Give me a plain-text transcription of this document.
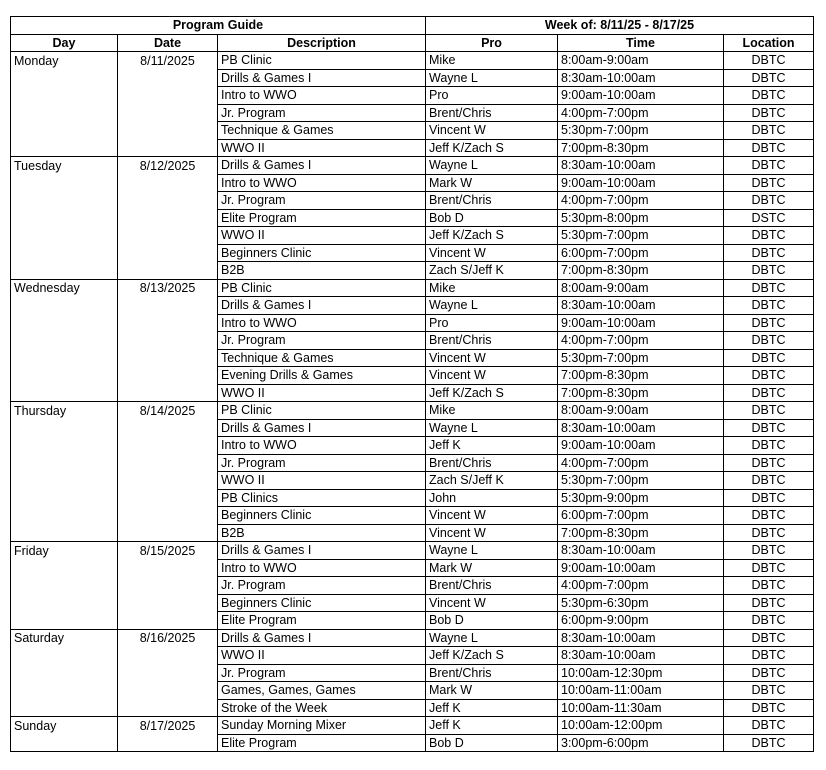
Program Guide			Week of: 8/11/25 - 8/17/25		
Day	Date	Description	Pro	Time	Location
Monday	8/11/2025	PB Clinic	Mike	8:00am-9:00am	DBTC
		Drills & Games I	Wayne L	8:30am-10:00am	DBTC
		Intro to WWO	Pro	9:00am-10:00am	DBTC
		Jr. Program	Brent/Chris	4:00pm-7:00pm	DBTC
		Technique & Games	Vincent W	5:30pm-7:00pm	DBTC
		WWO II	Jeff K/Zach S	7:00pm-8:30pm	DBTC
Tuesday	8/12/2025	Drills & Games I	Wayne L	8:30am-10:00am	DBTC
		Intro to WWO	Mark W	9:00am-10:00am	DBTC
		Jr. Program	Brent/Chris	4:00pm-7:00pm	DBTC
		Elite Program	Bob D	5:30pm-8:00pm	DSTC
		WWO II	Jeff K/Zach S	5:30pm-7:00pm	DBTC
		Beginners Clinic	Vincent W	6:00pm-7:00pm	DBTC
		B2B	Zach S/Jeff K	7:00pm-8:30pm	DBTC
Wednesday	8/13/2025	PB Clinic	Mike	8:00am-9:00am	DBTC
		Drills & Games I	Wayne L	8:30am-10:00am	DBTC
		Intro to WWO	Pro	9:00am-10:00am	DBTC
		Jr. Program	Brent/Chris	4:00pm-7:00pm	DBTC
		Technique & Games	Vincent W	5:30pm-7:00pm	DBTC
		Evening Drills & Games	Vincent W	7:00pm-8:30pm	DBTC
		WWO II	Jeff K/Zach S	7:00pm-8:30pm	DBTC
Thursday	8/14/2025	PB Clinic	Mike	8:00am-9:00am	DBTC
		Drills & Games I	Wayne L	8:30am-10:00am	DBTC
		Intro to WWO	Jeff K	9:00am-10:00am	DBTC
		Jr. Program	Brent/Chris	4:00pm-7:00pm	DBTC
		WWO II	Zach S/Jeff K	5:30pm-7:00pm	DBTC
		PB Clinics	John	5:30pm-9:00pm	DBTC
		Beginners Clinic	Vincent W	6:00pm-7:00pm	DBTC
		B2B	Vincent W	7:00pm-8:30pm	DBTC
Friday	8/15/2025	Drills & Games I	Wayne L	8:30am-10:00am	DBTC
		Intro to WWO	Mark W	9:00am-10:00am	DBTC
		Jr. Program	Brent/Chris	4:00pm-7:00pm	DBTC
		Beginners Clinic	Vincent W	5:30pm-6:30pm	DBTC
		Elite Program	Bob D	6:00pm-9:00pm	DBTC
Saturday	8/16/2025	Drills & Games I	Wayne L	8:30am-10:00am	DBTC
		WWO II	Jeff K/Zach S	8:30am-10:00am	DBTC
		Jr. Program	Brent/Chris	10:00am-12:30pm	DBTC
		Games, Games, Games	Mark W	10:00am-11:00am	DBTC
		Stroke of the Week	Jeff K	10:00am-11:30am	DBTC
Sunday	8/17/2025	Sunday Morning Mixer	Jeff K	10:00am-12:00pm	DBTC
		Elite Program	Bob D	3:00pm-6:00pm	DBTC
